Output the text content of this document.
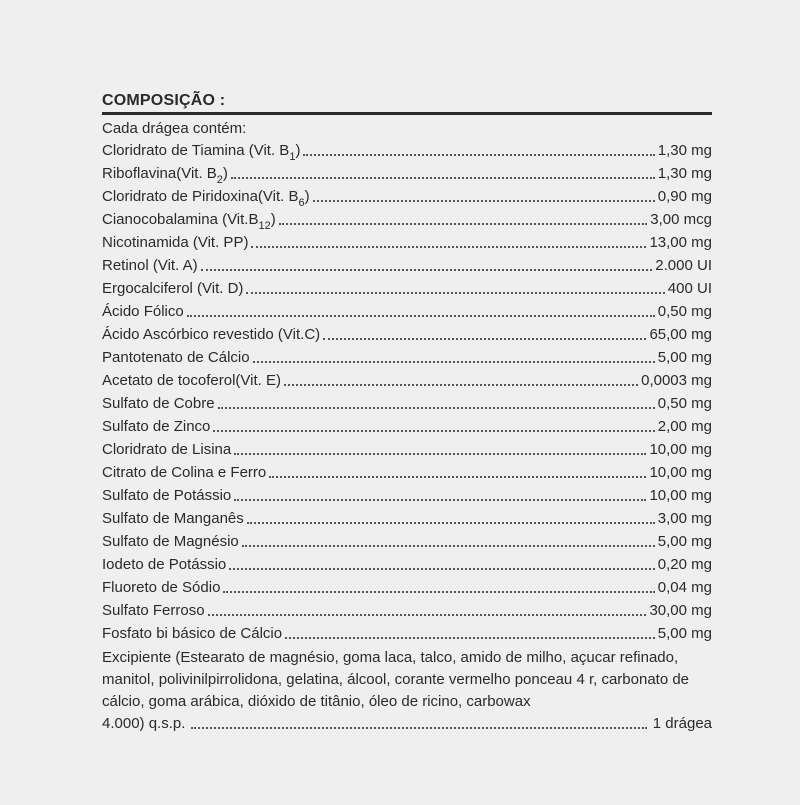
COMPOSIÇÃO :
Cada drágea contém:
Cloridrato de Tiamina (Vit. $B_1$)	1,30 mg
Riboflavina(Vit. $B_2$)	1,30 mg
Cloridrato de Piridoxina(Vit. $B_6$)	0,90 mg
Cianocobalamina $(Vit.B_{12})$	3,00 mcg
Nicotinamida (Vit. PP)	13,00 mg
Retinol (Vit. A)	2.000 UI
Ergocalciferol (Vit. D)	400 UI
Ácido Fólico	0,50 mg
Ácido Ascórbico revestido (Vit.C)	65,00 mg
Pantotenato de Cálcio	5,00 mg
Acetato de tocoferol(Vit. E)	0,0003 mg
Sulfato de Cobre	0,50 mg
Sulfato de Zinco	2,00 mg
Cloridrato de Lisina	10,00 mg
Citrato de Colina e Ferro	10,00 mg
Sulfato de Potássio	10,00 mg
Sulfato de Manganês	3,00 mg
Sulfato de Magnésio	5,00 mg
Iodeto de Potássio	0,20 mg
Fluoreto de Sódio	0,04 mg
Sulfato Ferroso	30,00 mg
Fosfato bi básico de Cálcio	5,00 mg
Excipiente (Estearato de magnésio, goma laca, talco, amido de milho, açucar refinado, manitol, polivinilpirrolidona, gelatina, álcool, corante vermelho ponceau 4 r, carbonato de cálcio, goma arábica, dióxido de titânio, óleo de ricino, carbowax
4.000) q.s.p.	1 drágea
